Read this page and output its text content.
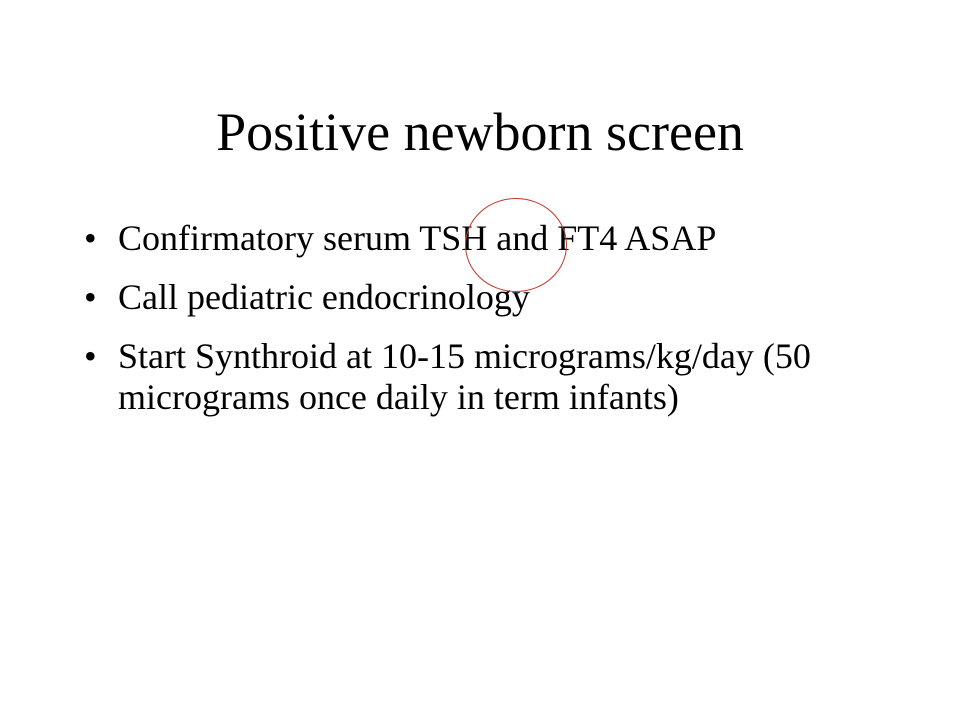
Positive newborn screen
• Confirmatory serum TSH and FT4 ASAP
• Call pediatric endocrinology
• Start Synthroid at 10-15 micrograms/kg/day (50 micrograms once daily in term infants)
